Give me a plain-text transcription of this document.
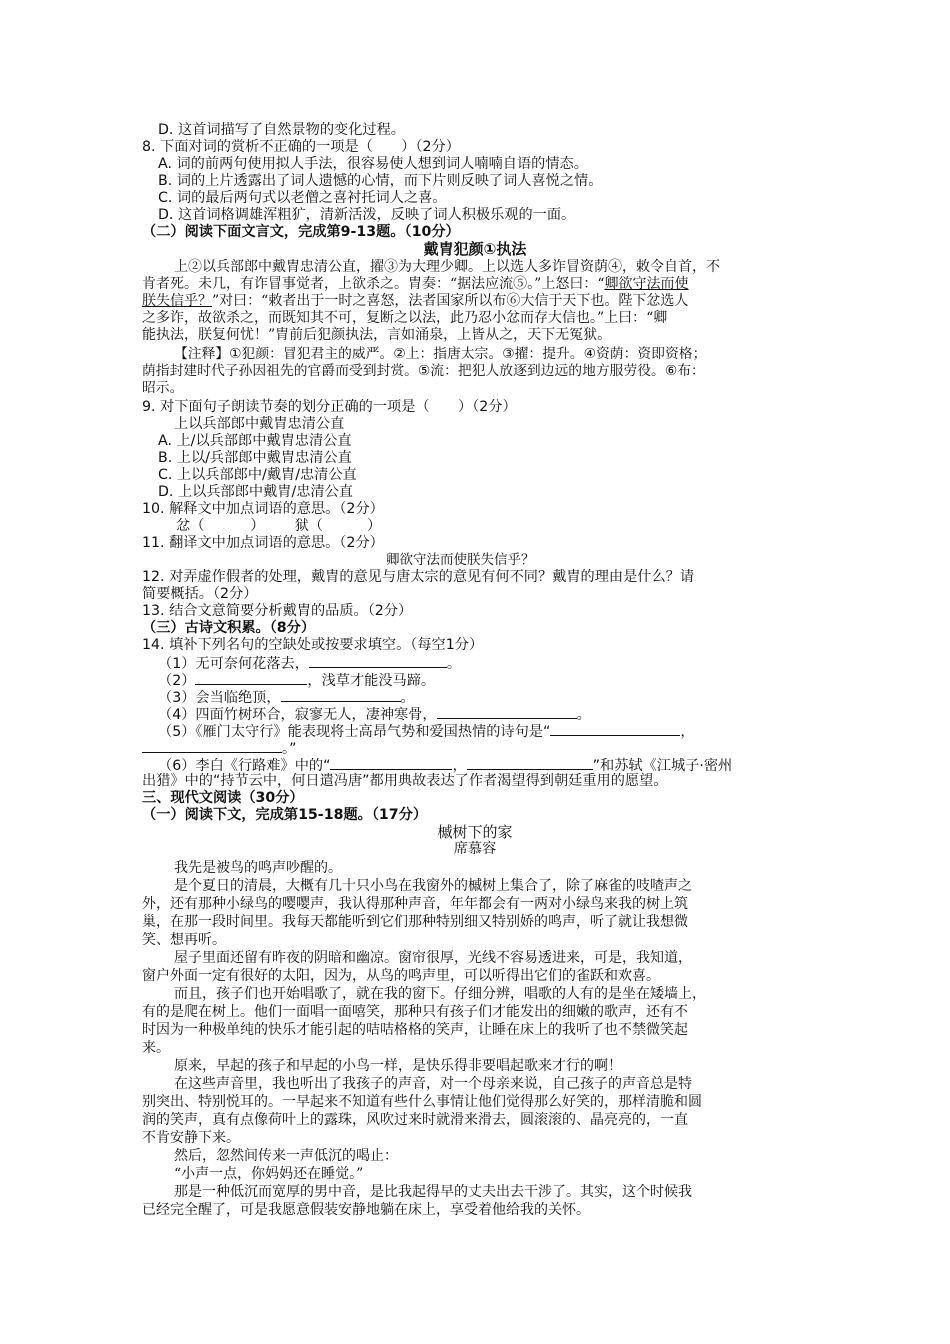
D. 这首词描写了自然景物的变化过程。
8. 下面对词的赏析不正确的一项是（　　）（2分）
A. 词的前两句使用拟人手法，很容易使人想到词人喃喃自语的情态。
B. 词的上片透露出了词人遗憾的心情，而下片则反映了词人喜悦之情。
C. 词的最后两句式以老僧之喜衬托词人之喜。
D. 这首词格调雄浑粗犷，清新活泼，反映了词人积极乐观的一面。
（二）阅读下面文言文，完成第9-13题。（10分）
戴胄犯颜①执法
上②以兵部郎中戴胄忠清公直，擢③为大理少卿。上以选人多诈冒资荫④，敕令自首，不
肯者死。未几，有诈冒事觉者，上欲杀之。胄奏：“据法应流⑤。”上怒曰：“卿欲守法而使
朕失信乎？”对曰：“敕者出于一时之喜怒，法者国家所以布⑥大信于天下也。陛下忿选人
之多诈，故欲杀之，而既知其不可，复断之以法，此乃忍小忿而存大信也。”上曰：“卿
能执法，朕复何忧！”胄前后犯颜执法，言如涌泉，上皆从之，天下无冤狱。
【注释】①犯颜：冒犯君主的威严。②上：指唐太宗。③擢：提升。④资荫：资即资格；
荫指封建时代子孙因祖先的官爵而受到封赏。⑤流：把犯人放逐到边远的地方服劳役。⑥布：
昭示。
9. 对下面句子朗读节奏的划分正确的一项是（　　）（2分）
上以兵部郎中戴胄忠清公直
A. 上/以兵部郎中戴胄忠清公直
B. 上以/兵部郎中戴胄忠清公直
C. 上以兵部郎中/戴胄/忠清公直
D. 上以兵部郎中戴胄/忠清公直
10. 解释文中加点词语的意思。（2分）
忿（	） 狱（	）
11. 翻译文中加点词语的意思。（2分）
卿欲守法而使朕失信乎？
12. 对弄虚作假者的处理，戴胄的意见与唐太宗的意见有何不同？戴胄的理由是什么？请
简要概括。（2分）
13. 结合文意简要分析戴胄的品质。（2分）
（三）古诗文积累。（8分）
14. 填补下列名句的空缺处或按要求填空。（每空1分）
（1）无可奈何花落去，	。
（2）	，浅草才能没马蹄。
（3）会当临绝顶，	。
（4）四面竹树环合，寂寥无人，凄神寒骨，	。
（5）《雁门太守行》能表现将士高昂气势和爱国热情的诗句是“	，
。”
（6）李白《行路难》中的“	，	”和苏轼《江城子·密州
出猎》中的“持节云中，何日遣冯唐”都用典故表达了作者渴望得到朝廷重用的愿望。
三、现代文阅读（30分）
（一）阅读下文，完成第15-18题。（17分）
槭树下的家
席慕容
我先是被鸟的鸣声吵醒的。
是个夏日的清晨，大概有几十只小鸟在我窗外的槭树上集合了，除了麻雀的吱喳声之
外，还有那种小绿鸟的嘤嘤声，我认得那种声音，年年都会有一两对小绿鸟来我的树上筑
巢，在那一段时间里。我每天都能听到它们那种特别细又特别娇的鸣声，听了就让我想微
笑、想再听。
屋子里面还留有昨夜的阴暗和幽凉。窗帘很厚，光线不容易透进来，可是，我知道，
窗户外面一定有很好的太阳，因为，从鸟的鸣声里，可以听得出它们的雀跃和欢喜。
而且，孩子们也开始唱歌了，就在我的窗下。仔细分辨，唱歌的人有的是坐在矮墙上，
有的是爬在树上。他们一面唱一面嘻笑，那种只有孩子们才能发出的细嫩的歌声，还有不
时因为一种极单纯的快乐才能引起的咭咭格格的笑声，让睡在床上的我听了也不禁微笑起
来。
原来，早起的孩子和早起的小鸟一样，是快乐得非要唱起歌来才行的啊！
在这些声音里，我也听出了我孩子的声音，对一个母亲来说，自己孩子的声音总是特
别突出、特别悦耳的。一早起来不知道有些什么事情让他们觉得那么好笑的，那样清脆和圆
润的笑声，真有点像荷叶上的露珠，风吹过来时就滑来滑去，圆滚滚的、晶亮亮的，一直
不肯安静下来。
然后，忽然间传来一声低沉的喝止：
“小声一点，你妈妈还在睡觉。”
那是一种低沉而宽厚的男中音，是比我起得早的丈夫出去干涉了。其实，这个时候我
已经完全醒了，可是我愿意假装安静地躺在床上，享受着他给我的关怀。
